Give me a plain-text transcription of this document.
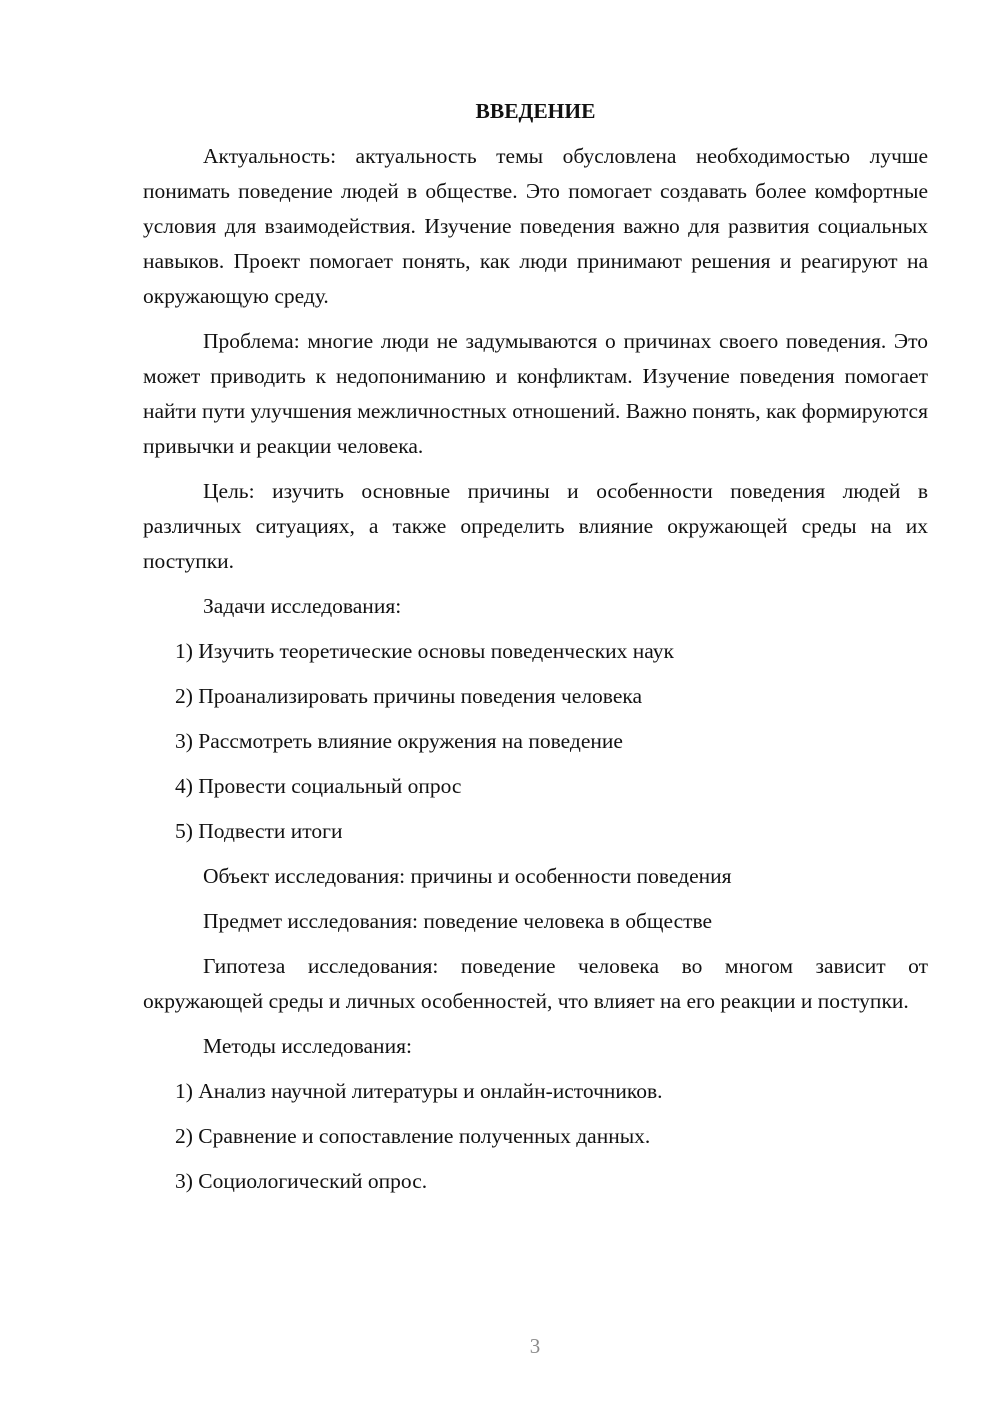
ВВЕДЕНИЕ
Актуальность: актуальность темы обусловлена необходимостью лучше понимать поведение людей в обществе. Это помогает создавать более комфортные условия для взаимодействия. Изучение поведения важно для развития социальных навыков. Проект помогает понять, как люди принимают решения и реагируют на окружающую среду.
Проблема: многие люди не задумываются о причинах своего поведения. Это может приводить к недопониманию и конфликтам. Изучение поведения помогает найти пути улучшения межличностных отношений. Важно понять, как формируются привычки и реакции человека.
Цель: изучить основные причины и особенности поведения людей в различных ситуациях, а также определить влияние окружающей среды на их поступки.
Задачи исследования:
1) Изучить теоретические основы поведенческих наук
2) Проанализировать причины поведения человека
3) Рассмотреть влияние окружения на поведение
4) Провести социальный опрос
5) Подвести итоги
Объект исследования: причины и особенности поведения
Предмет исследования: поведение человека в обществе
Гипотеза исследования: поведение человека во многом зависит от окружающей среды и личных особенностей, что влияет на его реакции и поступки.
Методы исследования:
1) Анализ научной литературы и онлайн-источников.
2) Сравнение и сопоставление полученных данных.
3) Социологический опрос.
3
